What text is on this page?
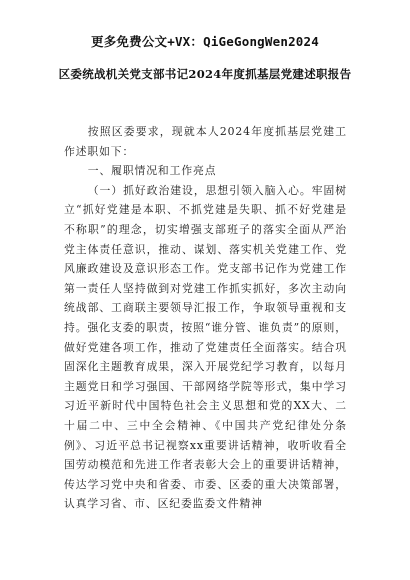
更多免费公文+VX：QiGeGongWen2024
区委统战机关党支部书记2024年度抓基层党建述职报告

按照区委要求，现就本人2024年度抓基层党建工作述职如下：

一、履职情况和工作亮点

（一）抓好政治建设，思想引领入脑入心。牢固树立“抓好党建是本职、不抓党建是失职、抓不好党建是不称职”的理念，切实增强支部班子的落实全面从严治党主体责任意识，推动、谋划、落实机关党建工作、党风廉政建设及意识形态工作。党支部书记作为党建工作第一责任人坚持做到对党建工作抓实抓好，多次主动向统战部、工商联主要领导汇报工作，争取领导重视和支持。强化支委的职责，按照“谁分管、谁负责”的原则，做好党建各项工作，推动了党建责任全面落实。结合巩固深化主题教育成果，深入开展党纪学习教育，以每月主题党日和学习强国、干部网络学院等形式，集中学习习近平新时代中国特色社会主义思想和党的XX大、二十届二中、三中全会精神、《中国共产党纪律处分条例》、习近平总书记视察xx重要讲话精神，收听收看全国劳动模范和先进工作者表彰大会上的重要讲话精神，传达学习党中央和省委、市委、区委的重大决策部署，认真学习省、市、区纪委监委文件精神
